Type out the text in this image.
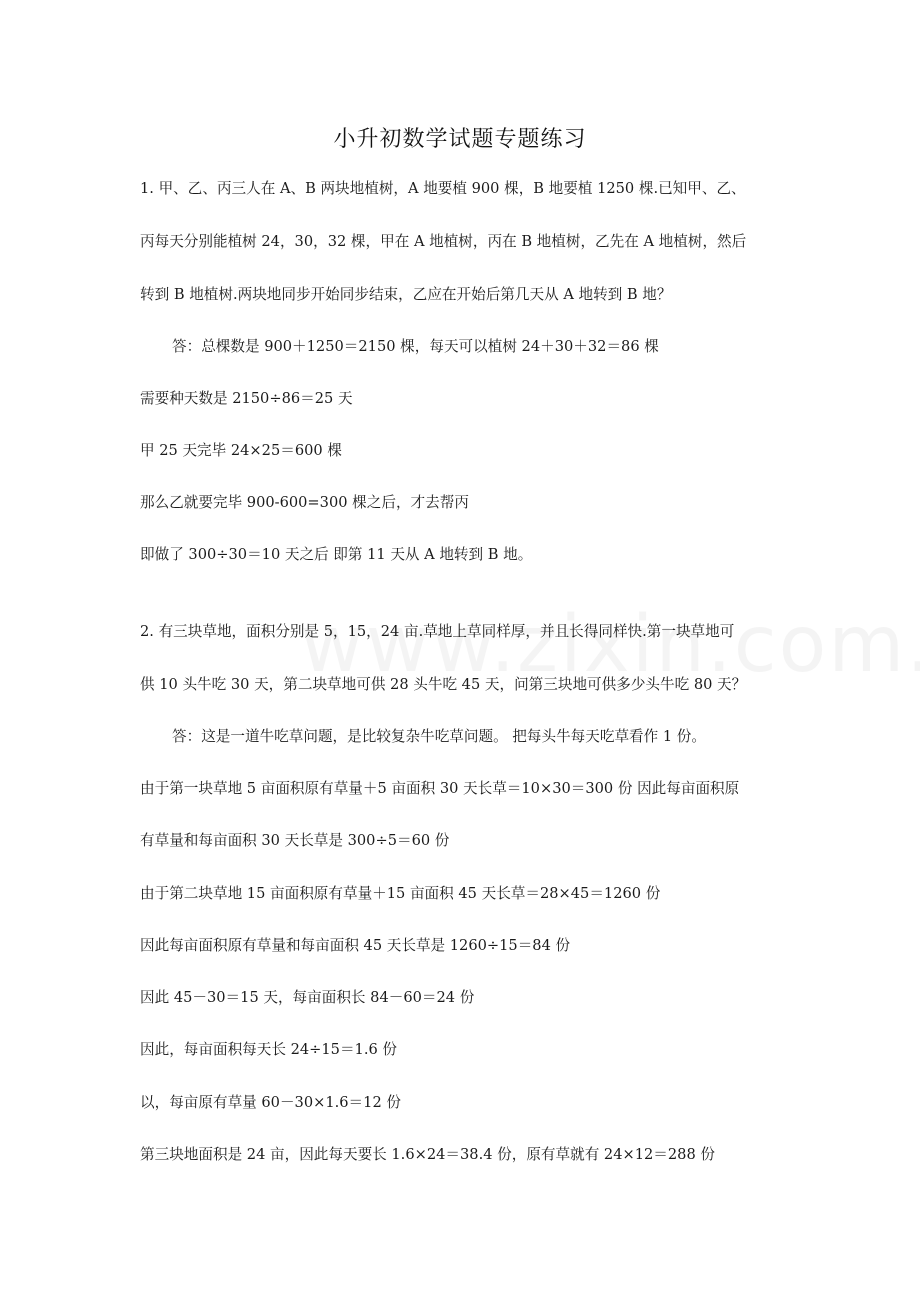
小升初数学试题专题练习
1. 甲、乙、丙三人在 A、B 两块地植树，A 地要植 900 棵，B 地要植 1250 棵.已知甲、乙、
丙每天分别能植树 24，30，32 棵，甲在 A 地植树，丙在 B 地植树，乙先在 A 地植树，然后
转到 B 地植树.两块地同步开始同步结束，乙应在开始后第几天从 A 地转到 B 地？
答：总棵数是 900＋1250＝2150 棵，每天可以植树 24＋30＋32＝86 棵
需要种天数是 2150÷86＝25 天
甲 25 天完毕 24×25＝600 棵
那么乙就要完毕 900-600=300 棵之后，才去帮丙
即做了 300÷30＝10 天之后 即第 11 天从 A 地转到 B 地。
2. 有三块草地，面积分别是 5，15，24 亩.草地上草同样厚，并且长得同样快.第一块草地可
供 10 头牛吃 30 天，第二块草地可供 28 头牛吃 45 天，问第三块地可供多少头牛吃 80 天？
答：这是一道牛吃草问题，是比较复杂牛吃草问题。 把每头牛每天吃草看作 1 份。
由于第一块草地 5 亩面积原有草量＋5 亩面积 30 天长草＝10×30＝300 份 因此每亩面积原
有草量和每亩面积 30 天长草是 300÷5＝60 份
由于第二块草地 15 亩面积原有草量＋15 亩面积 45 天长草＝28×45＝1260 份
因此每亩面积原有草量和每亩面积 45 天长草是 1260÷15＝84 份
因此 45－30＝15 天，每亩面积长 84－60＝24 份
因此，每亩面积每天长 24÷15＝1.6 份
以，每亩原有草量 60－30×1.6＝12 份
第三块地面积是 24 亩，因此每天要长 1.6×24＝38.4 份，原有草就有 24×12＝288 份
